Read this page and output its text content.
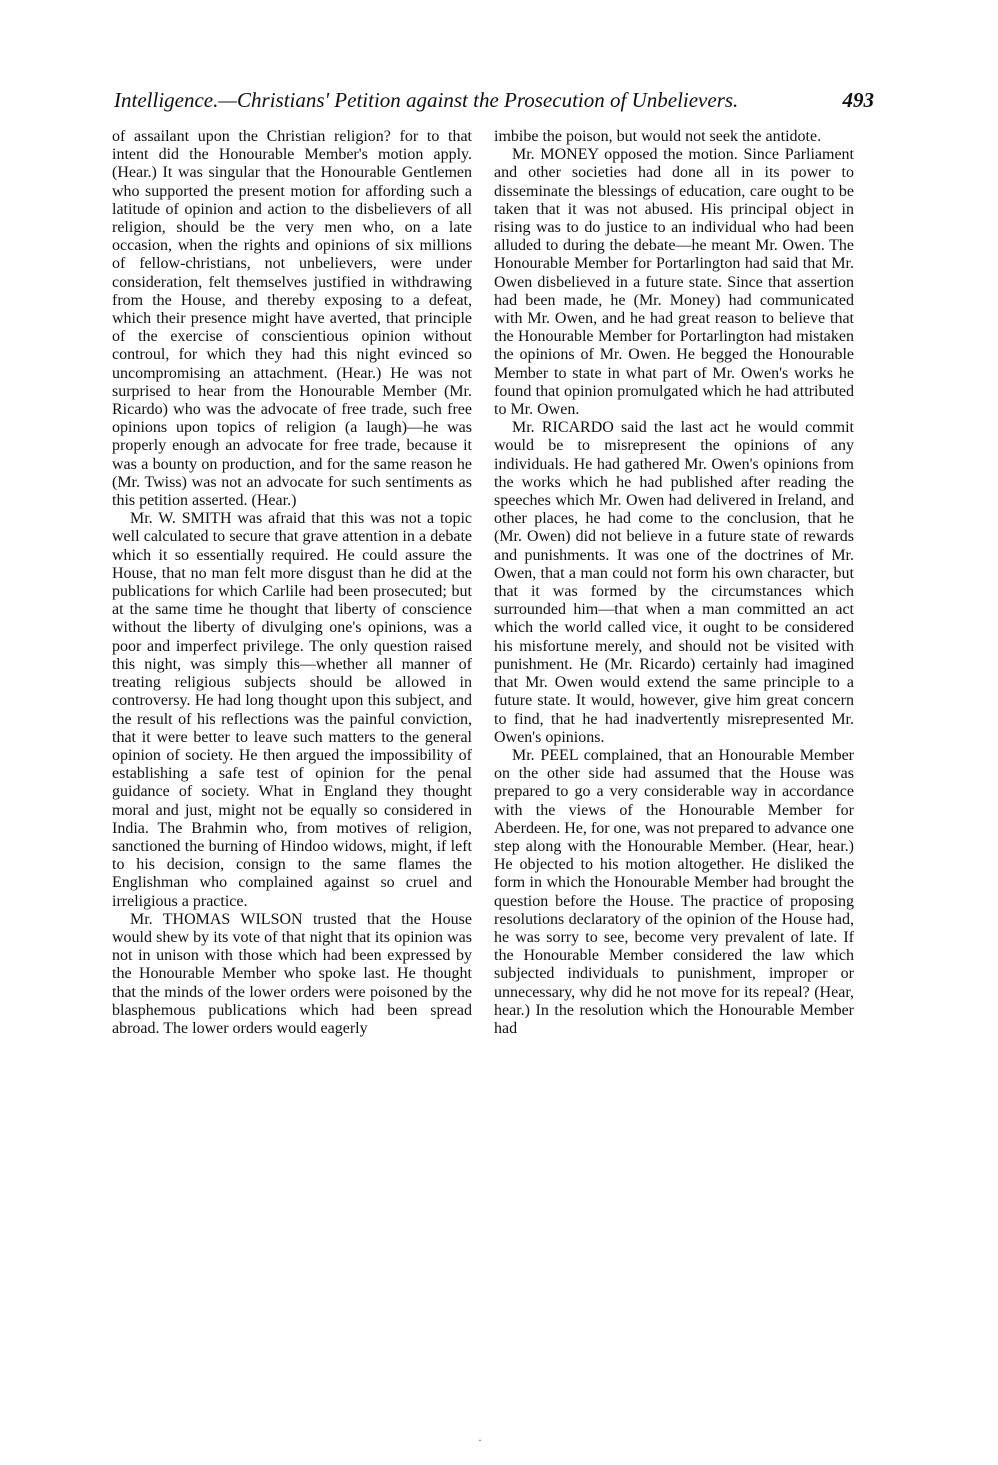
Intelligence.—Christians' Petition against the Prosecution of Unbelievers.	493

of assailant upon the Christian religion? for to that intent did the Honourable Member's motion apply. (Hear.) It was singular that the Honourable Gentlemen who supported the present motion for affording such a latitude of opinion and action to the disbelievers of all religion, should be the very men who, on a late occasion, when the rights and opinions of six millions of fellow-christians, not unbelievers, were under consideration, felt themselves justified in withdrawing from the House, and thereby exposing to a defeat, which their presence might have averted, that principle of the exercise of conscientious opinion without controul, for which they had this night evinced so uncompromising an attachment. (Hear.) He was not surprised to hear from the Honourable Member (Mr. Ricardo) who was the advocate of free trade, such free opinions upon topics of religion (a laugh)—he was properly enough an advocate for free trade, because it was a bounty on production, and for the same reason he (Mr. Twiss) was not an advocate for such sentiments as this petition asserted. (Hear.)

Mr. W. SMITH was afraid that this was not a topic well calculated to secure that grave attention in a debate which it so essentially required. He could assure the House, that no man felt more disgust than he did at the publications for which Carlile had been prosecuted; but at the same time he thought that liberty of conscience without the liberty of divulging one's opinions, was a poor and imperfect privilege. The only question raised this night, was simply this—whether all manner of treating religious subjects should be allowed in controversy. He had long thought upon this subject, and the result of his reflections was the painful conviction, that it were better to leave such matters to the general opinion of society. He then argued the impossibility of establishing a safe test of opinion for the penal guidance of society. What in England they thought moral and just, might not be equally so considered in India. The Brahmin who, from motives of religion, sanctioned the burning of Hindoo widows, might, if left to his decision, consign to the same flames the Englishman who complained against so cruel and irreligious a practice.

Mr. THOMAS WILSON trusted that the House would shew by its vote of that night that its opinion was not in unison with those which had been expressed by the Honourable Member who spoke last. He thought that the minds of the lower orders were poisoned by the blasphemous publications which had been spread abroad. The lower orders would eagerly

imbibe the poison, but would not seek the antidote.

Mr. MONEY opposed the motion. Since Parliament and other societies had done all in its power to disseminate the blessings of education, care ought to be taken that it was not abused. His principal object in rising was to do justice to an individual who had been alluded to during the debate—he meant Mr. Owen. The Honourable Member for Portarlington had said that Mr. Owen disbelieved in a future state. Since that assertion had been made, he (Mr. Money) had communicated with Mr. Owen, and he had great reason to believe that the Honourable Member for Portarlington had mistaken the opinions of Mr. Owen. He begged the Honourable Member to state in what part of Mr. Owen's works he found that opinion promulgated which he had attributed to Mr. Owen.

Mr. RICARDO said the last act he would commit would be to misrepresent the opinions of any individuals. He had gathered Mr. Owen's opinions from the works which he had published after reading the speeches which Mr. Owen had delivered in Ireland, and other places, he had come to the conclusion, that he (Mr. Owen) did not believe in a future state of rewards and punishments. It was one of the doctrines of Mr. Owen, that a man could not form his own character, but that it was formed by the circumstances which surrounded him—that when a man committed an act which the world called vice, it ought to be considered his misfortune merely, and should not be visited with punishment. He (Mr. Ricardo) certainly had imagined that Mr. Owen would extend the same principle to a future state. It would, however, give him great concern to find, that he had inadvertently misrepresented Mr. Owen's opinions.

Mr. PEEL complained, that an Honourable Member on the other side had assumed that the House was prepared to go a very considerable way in accordance with the views of the Honourable Member for Aberdeen. He, for one, was not prepared to advance one step along with the Honourable Member. (Hear, hear.) He objected to his motion altogether. He disliked the form in which the Honourable Member had brought the question before the House. The practice of proposing resolutions declaratory of the opinion of the House had, he was sorry to see, become very prevalent of late. If the Honourable Member considered the law which subjected individuals to punishment, improper or unnecessary, why did he not move for its repeal? (Hear, hear.) In the resolution which the Honourable Member had

·
